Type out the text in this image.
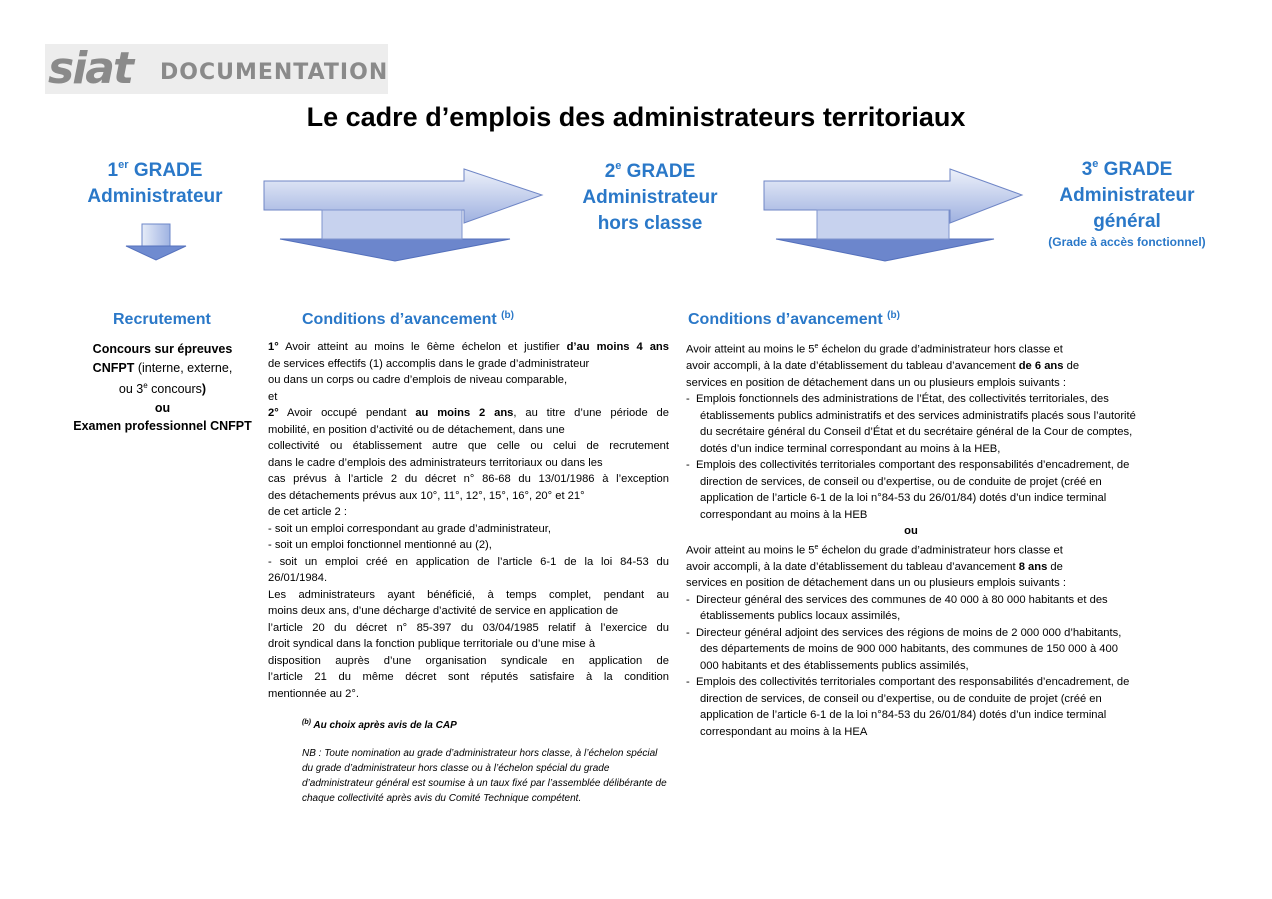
siat DOCUMENTATION
Le cadre d’emplois des administrateurs territoriaux
1er GRADE
Administrateur
2e GRADE
Administrateur
hors classe
3e GRADE
Administrateur
général
(Grade à accès fonctionnel)
Recrutement	Conditions d’avancement $^{(b)}$	Conditions d’avancement $^{(b)}$
Concours sur épreuves
CNFPT (interne, externe,
ou 3e concours)
ou
Examen professionnel CNFPT

1° Avoir atteint au moins le 6ème échelon et justifier d’au moins 4 ans

de services effectifs (1) accomplis dans le grade d’administrateur

ou dans un corps ou cadre d’emplois de niveau comparable,

et

2° Avoir occupé pendant au moins 2 ans, au titre d’une période de

mobilité, en position d’activité ou de détachement, dans une

collectivité ou établissement autre que celle ou celui de recrutement

dans le cadre d’emplois des administrateurs territoriaux ou dans les

cas prévus à l’article 2 du décret n° 86-68 du 13/01/1986 à l’exception

des détachements prévus aux 10°, 11°, 12°, 15°, 16°, 20° et 21°

de cet article 2 :

- soit un emploi correspondant au grade d’administrateur,

- soit un emploi fonctionnel mentionné au (2),

- soit un emploi créé en application de l’article 6-1 de la loi 84-53 du

26/01/1984.

Les administrateurs ayant bénéficié, à temps complet, pendant au

moins deux ans, d’une décharge d’activité de service en application de

l’article 20 du décret n° 85-397 du 03/04/1985 relatif à l’exercice du

droit syndical dans la fonction publique territoriale ou d’une mise à

disposition auprès d’une organisation syndicale en application de

l’article 21 du même décret sont réputés satisfaire à la condition

mentionnée au 2°.

$^{(b)}$ Au choix après avis de la CAP
NB : Toute nomination au grade d’administrateur hors classe, à l’échelon spécial du grade d’administrateur hors classe ou à l’échelon spécial du grade d’administrateur général est soumise à un taux fixé par l’assemblée délibérante de chaque collectivité après avis du Comité Technique compétent.

Avoir atteint au moins le 5e échelon du grade d’administrateur hors classe et

avoir accompli, à la date d’établissement du tableau d’avancement de 6 ans de

services en position de détachement dans un ou plusieurs emplois suivants :

-  Emplois fonctionnels des administrations de l’État, des collectivités territoriales, des établissements publics administratifs et des services administratifs placés sous l’autorité du secrétaire général du Conseil d’État et du secrétaire général de la Cour de comptes, dotés d’un indice terminal correspondant au moins à la HEB,

-  Emplois des collectivités territoriales comportant des responsabilités d’encadrement, de direction de services, de conseil ou d’expertise, ou de conduite de projet (créé en application de l’article 6-1 de la loi n°84-53 du 26/01/84) dotés d’un indice terminal correspondant au moins à la HEB

ou

Avoir atteint au moins le 5e échelon du grade d’administrateur hors classe et

avoir accompli, à la date d’établissement du tableau d’avancement 8 ans de

services en position de détachement dans un ou plusieurs emplois suivants :

-  Directeur général des services des communes de 40 000 à 80 000 habitants et des établissements publics locaux assimilés,

-  Directeur général adjoint des services des régions de moins de 2 000 000 d’habitants, des départements de moins de 900 000 habitants, des communes de 150 000 à 400 000 habitants et des établissements publics assimilés,

-  Emplois des collectivités territoriales comportant des responsabilités d’encadrement, de direction de services, de conseil ou d’expertise, ou de conduite de projet (créé en application de l’article 6-1 de la loi n°84-53 du 26/01/84) dotés d’un indice terminal correspondant au moins à la HEA
